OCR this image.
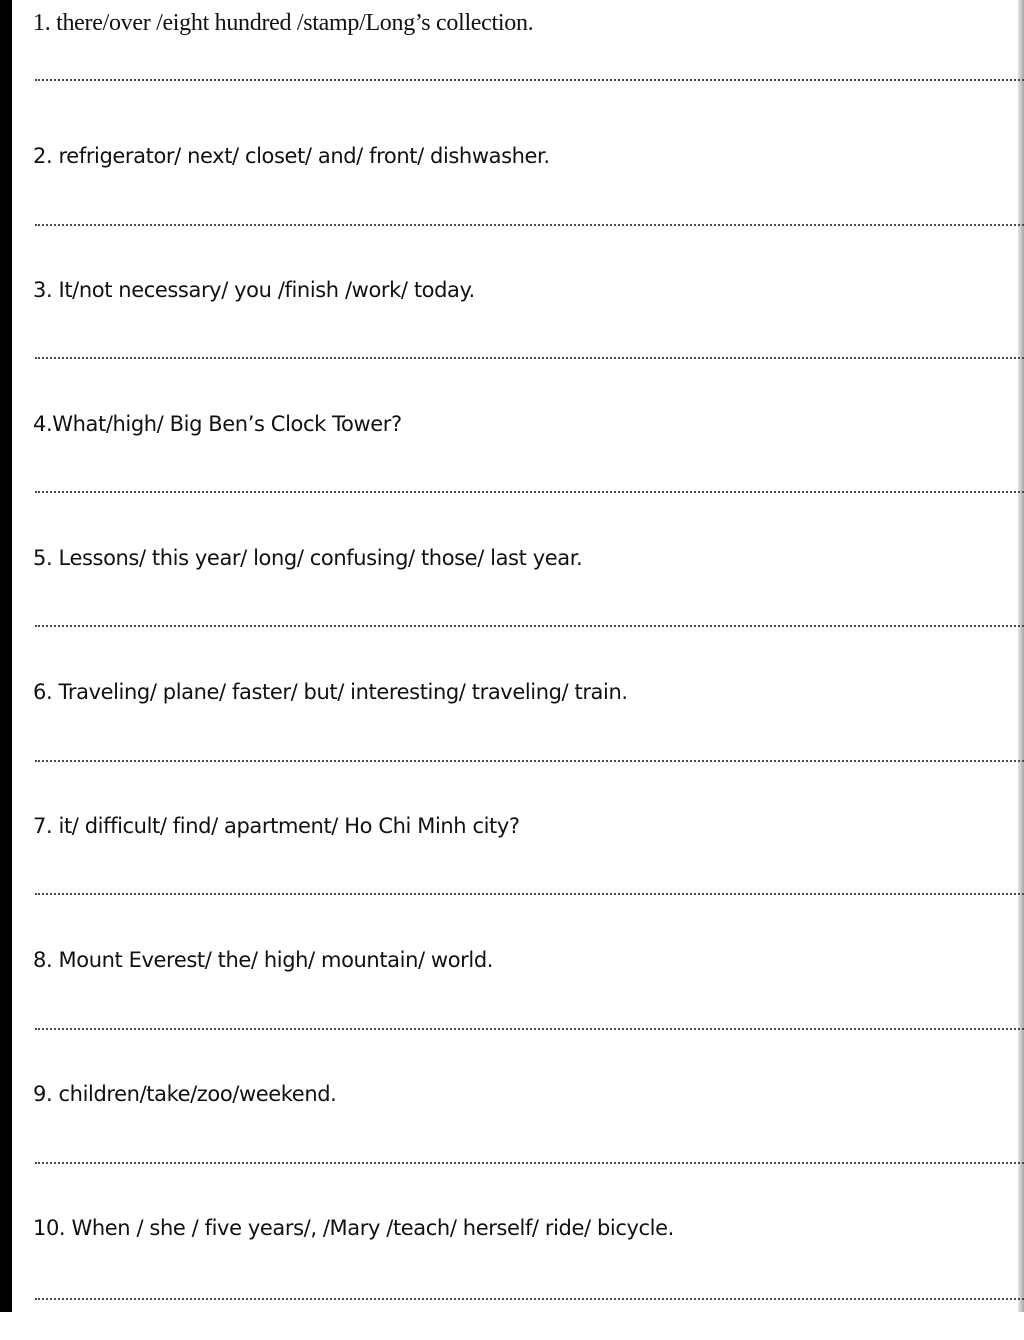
1. there/over /eight hundred /stamp/Long’s collection.
2. refrigerator/ next/ closet/ and/ front/ dishwasher.
3. It/not necessary/ you /finish /work/ today.
4.What/high/ Big Ben’s Clock Tower?
5. Lessons/ this year/ long/ confusing/ those/ last year.
6. Traveling/ plane/ faster/ but/ interesting/ traveling/ train.
7. it/ difficult/ find/ apartment/ Ho Chi Minh city?
8. Mount Everest/ the/ high/ mountain/ world.
9. children/take/zoo/weekend.
10. When / she / five years/, /Mary /teach/ herself/ ride/ bicycle.
